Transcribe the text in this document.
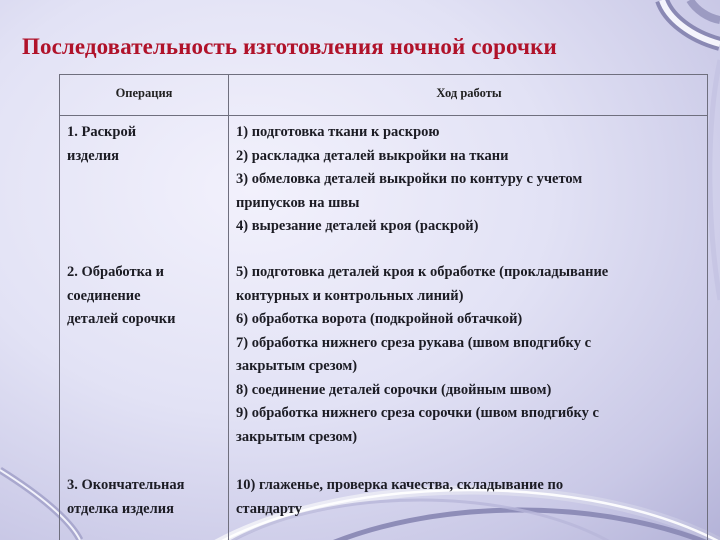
Последовательность изготовления ночной сорочки
Операция	Ход работы
1. Раскрой
изделия
1) подготовка ткани к раскрою
2) раскладка деталей выкройки на ткани
3) обмеловка деталей выкройки по контуру с учетом
припусков на швы
4) вырезание деталей кроя (раскрой)
2. Обработка и
соединение
деталей сорочки
5) подготовка деталей кроя к обработке (прокладывание
контурных и контрольных линий)
6) обработка ворота (подкройной обтачкой)
7) обработка нижнего среза рукава (швом вподгибку с
закрытым срезом)
8) соединение деталей сорочки (двойным швом)
9) обработка нижнего среза сорочки (швом вподгибку с
закрытым срезом)
3. Окончательная
отделка изделия
10) глаженье, проверка качества, складывание по
стандарту
